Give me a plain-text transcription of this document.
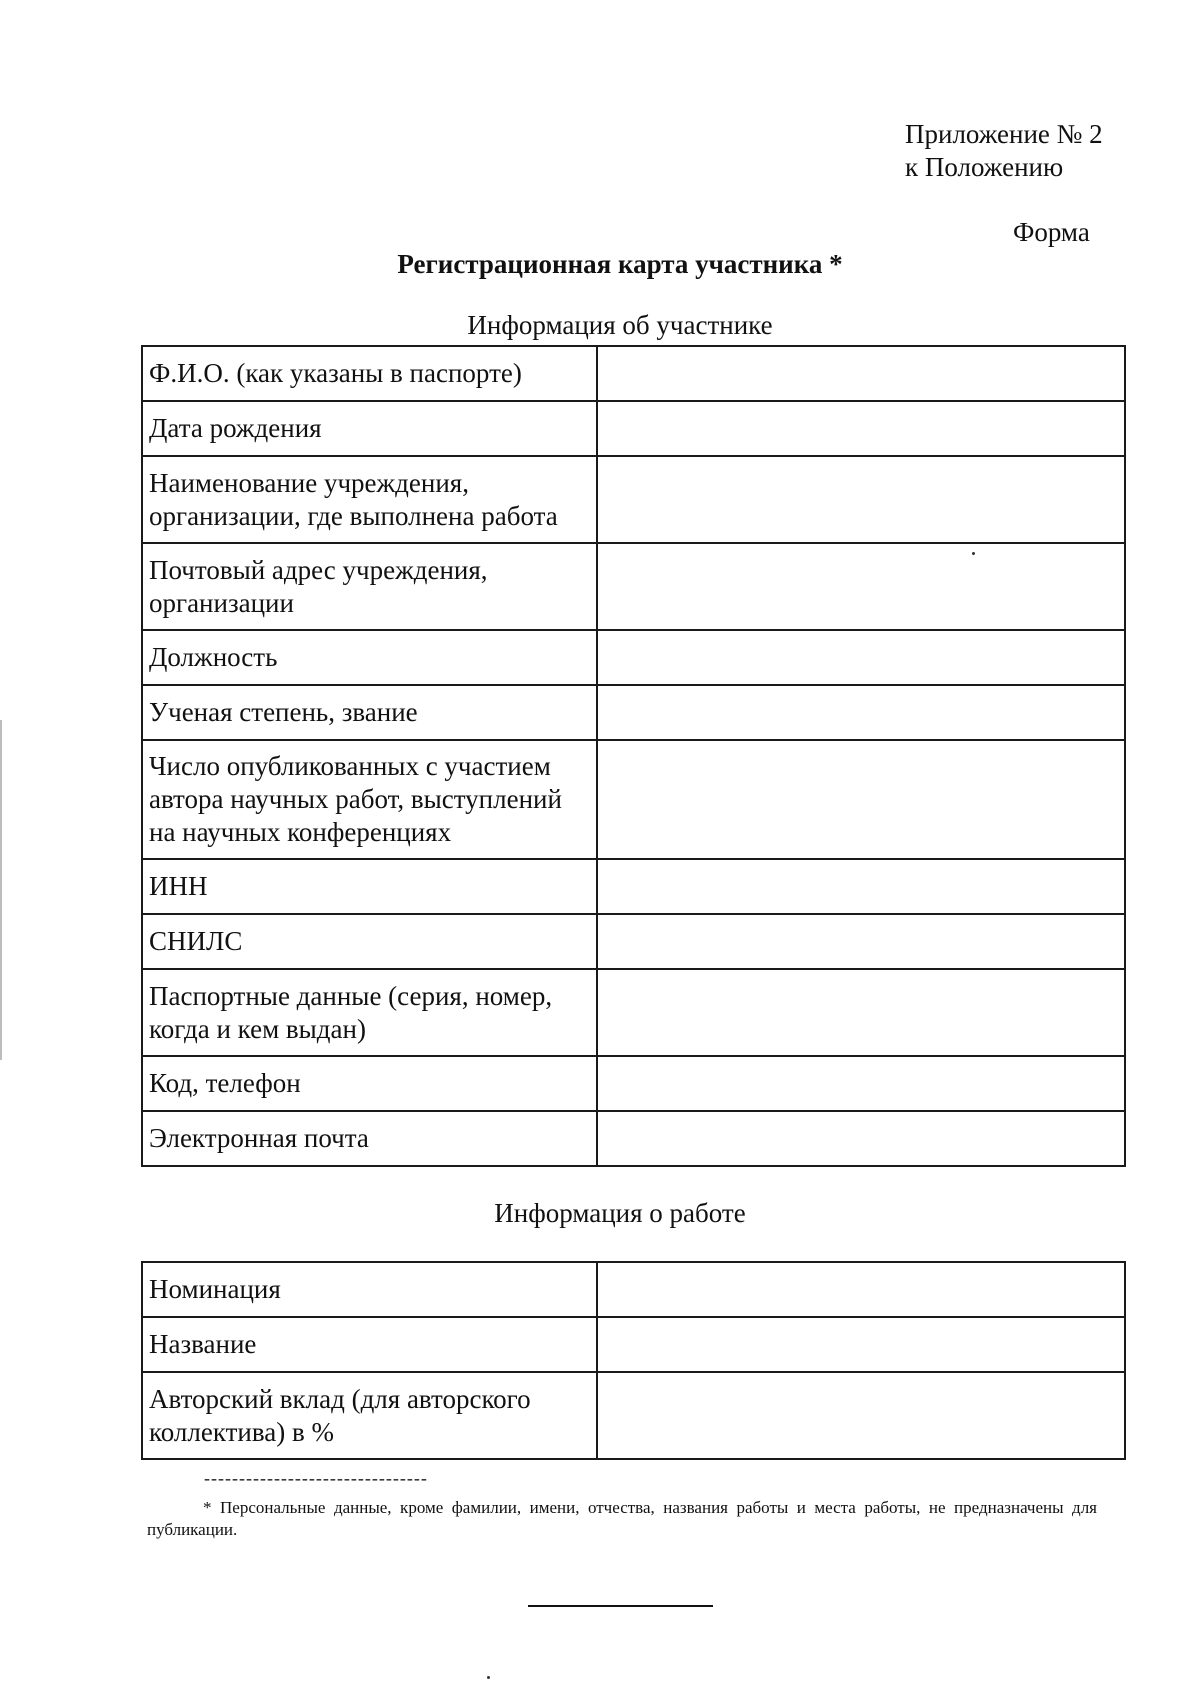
Приложение № 2
к Положению
Форма
Регистрационная карта участника *
Информация об участнике
Ф.И.О. (как указаны в паспорте)	
Дата рождения	
Наименование учреждения, организации, где выполнена работа	
Почтовый адрес учреждения, организации	
Должность	
Ученая степень, звание	
Число опубликованных с участием автора научных работ, выступлений на научных конференциях	
ИНН	
СНИЛС	
Паспортные данные (серия, номер, когда и кем выдан)	
Код, телефон	
Электронная почта	
Информация о работе
Номинация	
Название	
Авторский вклад (для авторского коллектива) в %	
--------------------------------
* Персональные данные, кроме фамилии, имени, отчества, названия работы и места работы, не предназначены для публикации.
